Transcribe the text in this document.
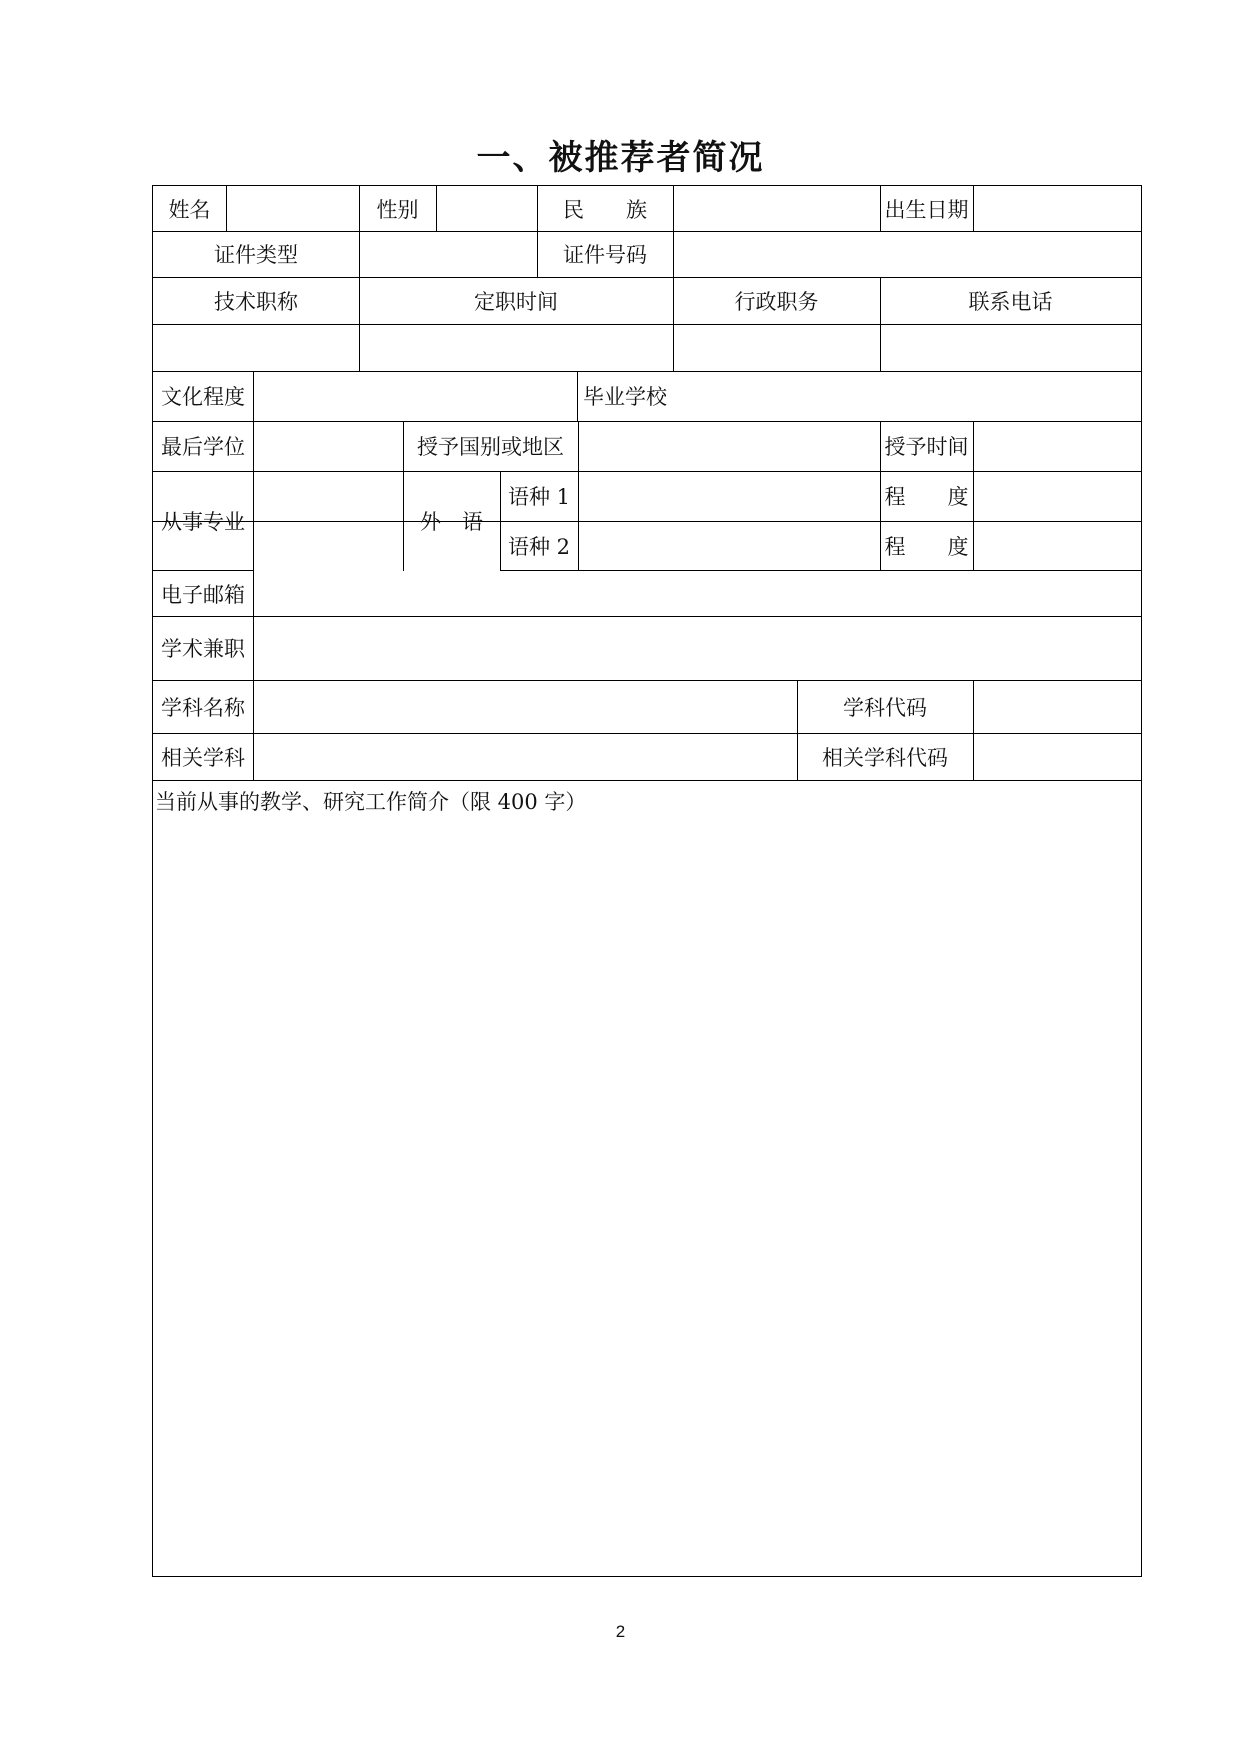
一、被推荐者简况
姓名	性别	民　　族	出生日期
证件类型	证件号码
技术职称	定职时间	行政职务	联系电话
文化程度	毕业学校
最后学位	授予国别或地区	授予时间
从事专业	外　语
语种 1	程　　度
语种 2	程　　度
电子邮箱
学术兼职
学科名称	学科代码
相关学科	相关学科代码
当前从事的教学、研究工作简介（限 400 字）
2
